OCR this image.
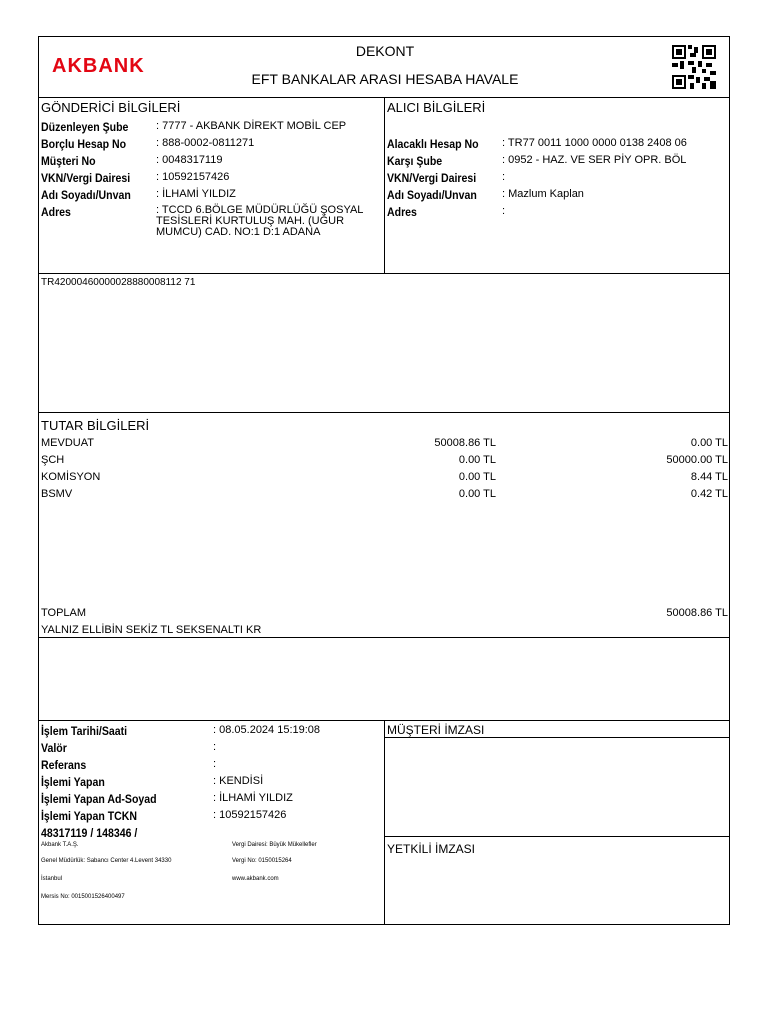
AKBANK
DEKONT
EFT BANKALAR ARASI HESABA HAVALE
GÖNDERİCİ BİLGİLERİ
Düzenleyen Şube	: 7777 - AKBANK DİREKT MOBİL CEP
Borçlu Hesap No	: 888-0002-0811271
Müşteri No	: 0048317119
VKN/Vergi Dairesi : 10592157426
Adı Soyadı/Unvan : İLHAMİ YILDIZ
Adres	: TCCD 6.BÖLGE MÜDÜRLÜĞÜ ŞOSYAL TESİSLERİ KURTULUŞ MAH. (UĞUR MUMCU) CAD. NO:1 D:1 ADANA
ALICI BİLGİLERİ
Alacaklı Hesap No : TR77 0011 1000 0000 0138 2408 06
Karşı Şube	: 0952 - HAZ. VE SER PİY OPR. BÖL
VKN/Vergi Dairesi :
Adı Soyadı/Unvan : Mazlum Kaplan
Adres	:
TR42000460000028880008112 71
TUTAR BİLGİLERİ
MEVDUAT	50008.86 TL	0.00 TL
ŞCH	0.00 TL	50000.00 TL
KOMİSYON	0.00 TL	8.44 TL
BSMV	0.00 TL	0.42 TL
TOPLAM	50008.86 TL
YALNIZ ELLİBİN SEKİZ TL SEKSENALTI KR
İşlem Tarihi/Saati	: 08.05.2024 15:19:08
Valör	:
Referans	:
İşlemi Yapan	: KENDİSİ
İşlemi Yapan Ad-Soyad	: İLHAMİ YILDIZ
İşlemi Yapan TCKN	: 10592157426
48317119 / 148346 /
Akbank T.A.Ş.
Genel Müdürlük: Sabancı Center 4.Levent 34330
İstanbul
Mersis No: 0015001526400497
Vergi Dairesi: Büyük Mükellefler
Vergi No: 0150015264
www.akbank.com
MÜŞTERİ İMZASI
YETKİLİ İMZASI
